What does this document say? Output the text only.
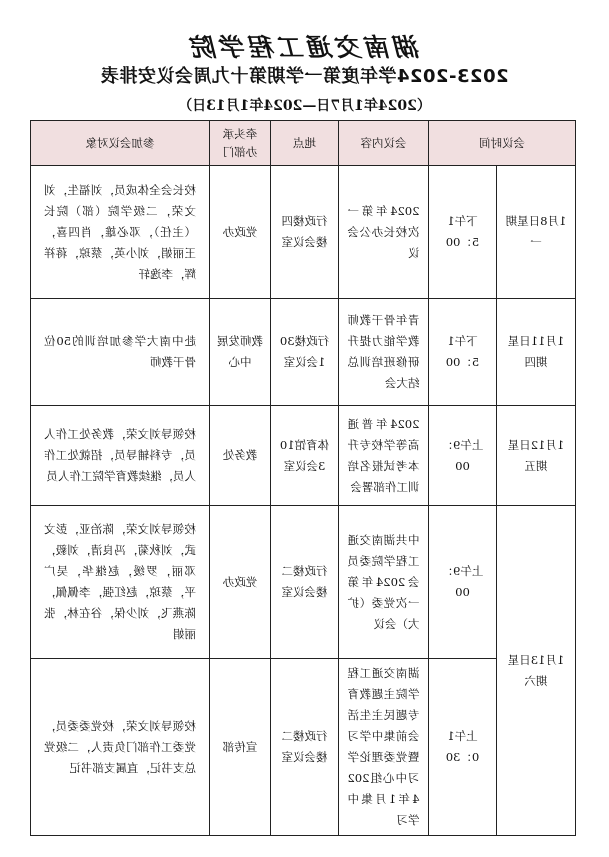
湖南交通工程学院
2023-2024学年度第一学期第十九周会议安排表
（2024年1月7日—2024年1月13日）
会议时间		会议内容	地点	牵头承办部门	参加会议对象

1月8日星期一	下午15：00	2024年第一次校长办公会议	行政楼四楼会议室	党政办	校长会全体成员，刘福生，刘文荣，二级学院（部）院长（主任），邓必雄，肖四喜，王丽娟，刘小英，蔡琼，蒋祥辉，李逸轩

1月11日星期四	下午15：00	青年骨干教师教学能力提升研修班培训总结大会	行政楼301会议室	教师发展中心	赴中南大学参加培训的50位骨干教师

1月12日星期五	上午9：00	2024年普通高等学校专升本考试报名培训工作部署会	体育馆103会议室	教务处	校领导刘文荣，教务处工作人员，专科辅导员，招就处工作人员，继续教育学院工作人员

1月13日星期六	上午9：00	中共湖南交通工程学院委员会2024年第一次党委（扩大）会议	行政楼二楼会议室	党政办	校领导刘文荣，陈治亚，彭文武，刘秋菊，冯良清，刘毅，邓丽，罗缓，赵继华，吴广平，蔡琼，赵红强，李佩佩，陈燕飞，刘少保，谷在林，张丽娟

	上午10：30	湖南交通工程学院主题教育专题民主生活会前集中学习暨党委理论学习中心组2024年1月集中学习	行政楼二楼会议室	宣传部	校领导刘文荣，校党委委员，党委工作部门负责人，二级党总支书记，直属支部书记
